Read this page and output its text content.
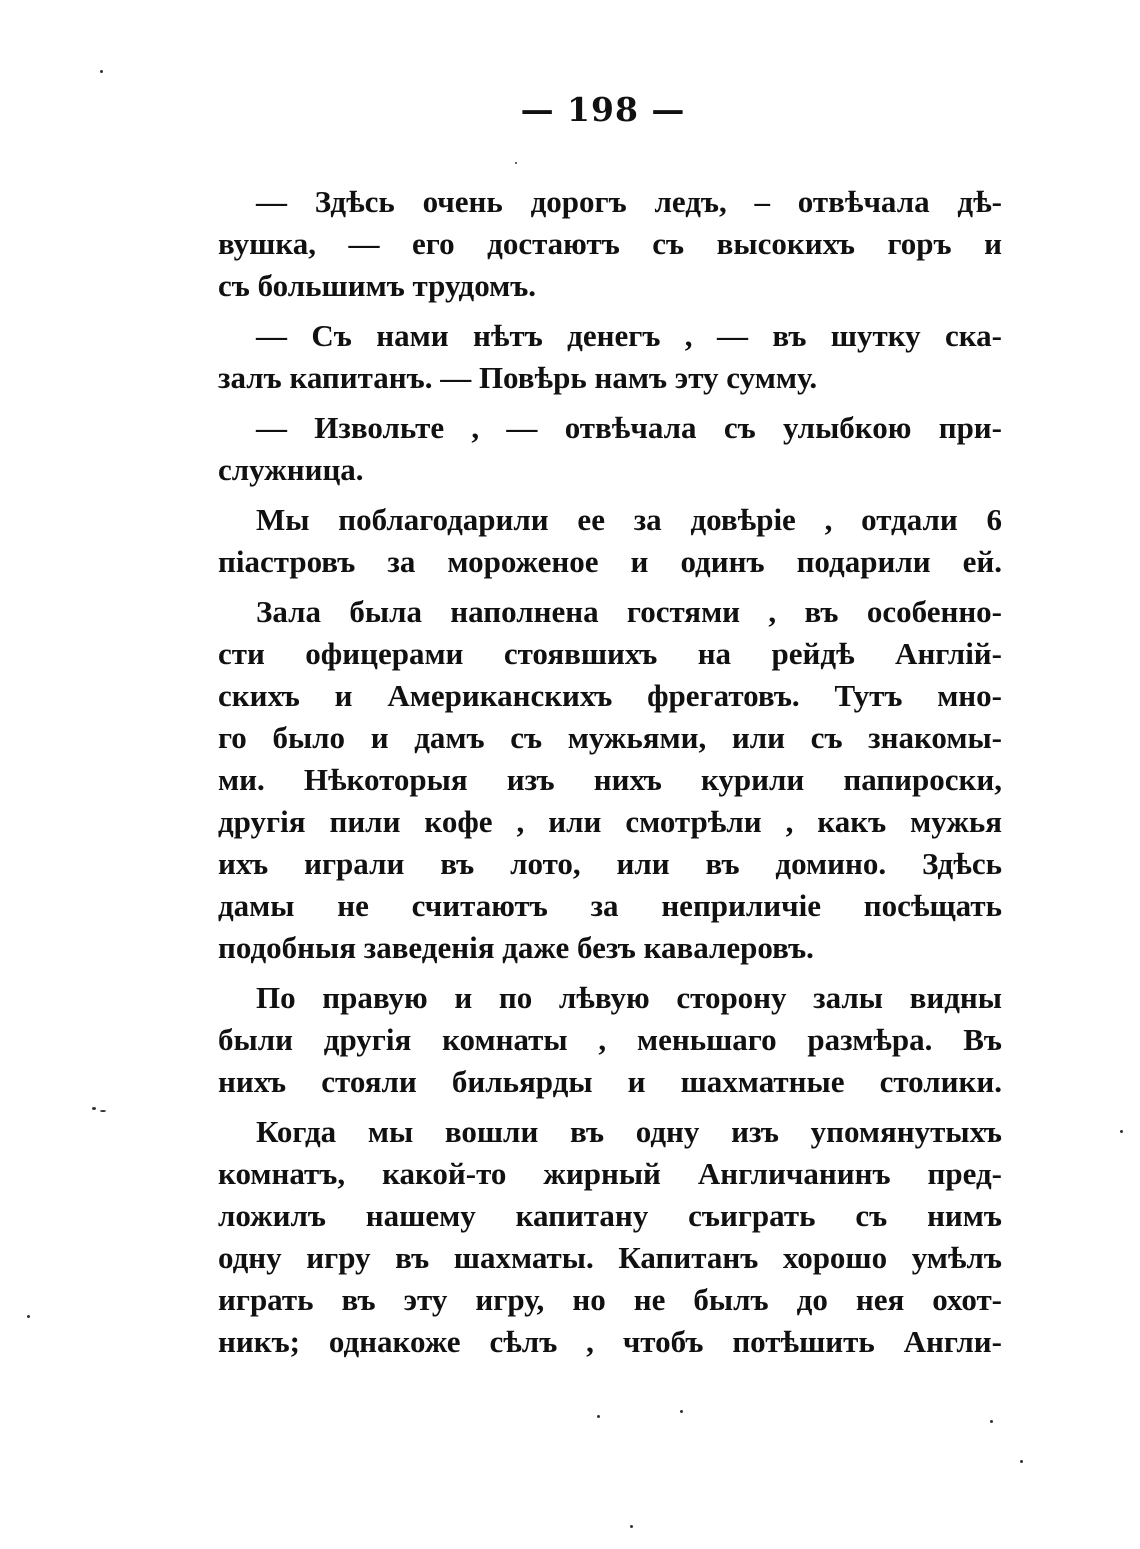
— 198 —
— Здѣсь очень дорогъ ледъ, – отвѣчала дѣ-
вушка, — его достаютъ съ высокихъ горъ и
съ большимъ трудомъ.
— Съ нами нѣтъ денегъ , — въ шутку ска-
залъ капитанъ. — Повѣрь намъ эту сумму.
— Извольте , — отвѣчала съ улыбкою при-
служница.
Мы поблагодарили ее за довѣріе , отдали 6
піастровъ за мороженое и одинъ подарили ей.
Зала была наполнена гостями , въ особенно-
сти офицерами стоявшихъ на рейдѣ Англій-
скихъ и Американскихъ фрегатовъ. Тутъ мно-
го было и дамъ съ мужьями, или съ знакомы-
ми. Нѣкоторыя изъ нихъ курили папироски,
другія пили кофе , или смотрѣли , какъ мужья
ихъ играли въ лото, или въ домино. Здѣсь
дамы не считаютъ за неприличіе посѣщать
подобныя заведенія даже безъ кавалеровъ.
По правую и по лѣвую сторону залы видны
были другія комнаты , меньшаго размѣра. Въ
нихъ стояли бильярды и шахматные столики.
Когда мы вошли въ одну изъ упомянутыхъ
комнатъ, какой-то жирный Англичанинъ пред-
ложилъ нашему капитану съиграть съ нимъ
одну игру въ шахматы. Капитанъ хорошо умѣлъ
играть въ эту игру, но не былъ до нея охот-
никъ; однакоже сѣлъ , чтобъ потѣшить Англи-
